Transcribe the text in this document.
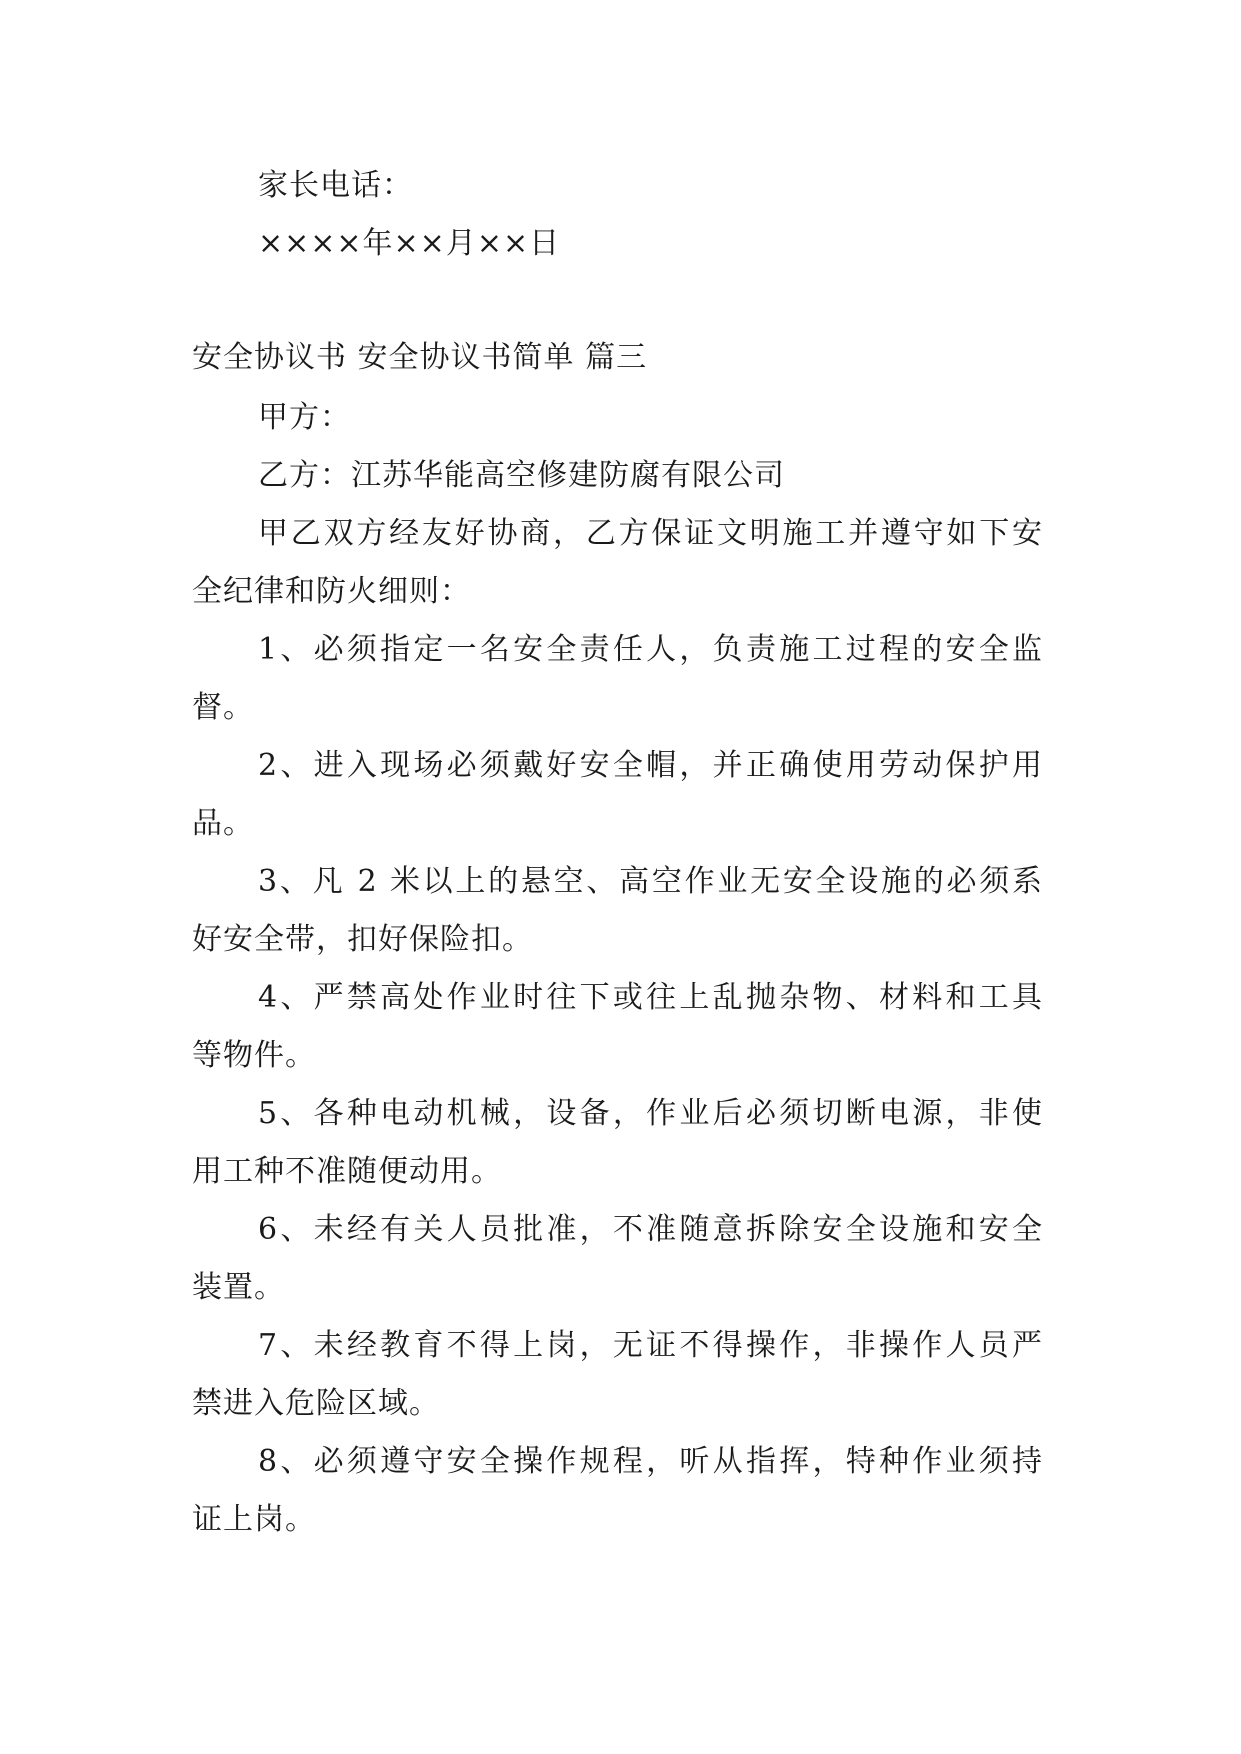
家长电话：
××××年××月××日
安全协议书 安全协议书简单 篇三
甲方：
乙方：江苏华能高空修建防腐有限公司
甲乙双方经友好协商，乙方保证文明施工并遵守如下安
全纪律和防火细则：
1、必须指定一名安全责任人，负责施工过程的安全监
督。
2、进入现场必须戴好安全帽，并正确使用劳动保护用
品。
3、凡 2 米以上的悬空、高空作业无安全设施的必须系
好安全带，扣好保险扣。
4、严禁高处作业时往下或往上乱抛杂物、材料和工具
等物件。
5、各种电动机械，设备，作业后必须切断电源，非使
用工种不准随便动用。
6、未经有关人员批准，不准随意拆除安全设施和安全
装置。
7、未经教育不得上岗，无证不得操作，非操作人员严
禁进入危险区域。
8、必须遵守安全操作规程，听从指挥，特种作业须持
证上岗。
